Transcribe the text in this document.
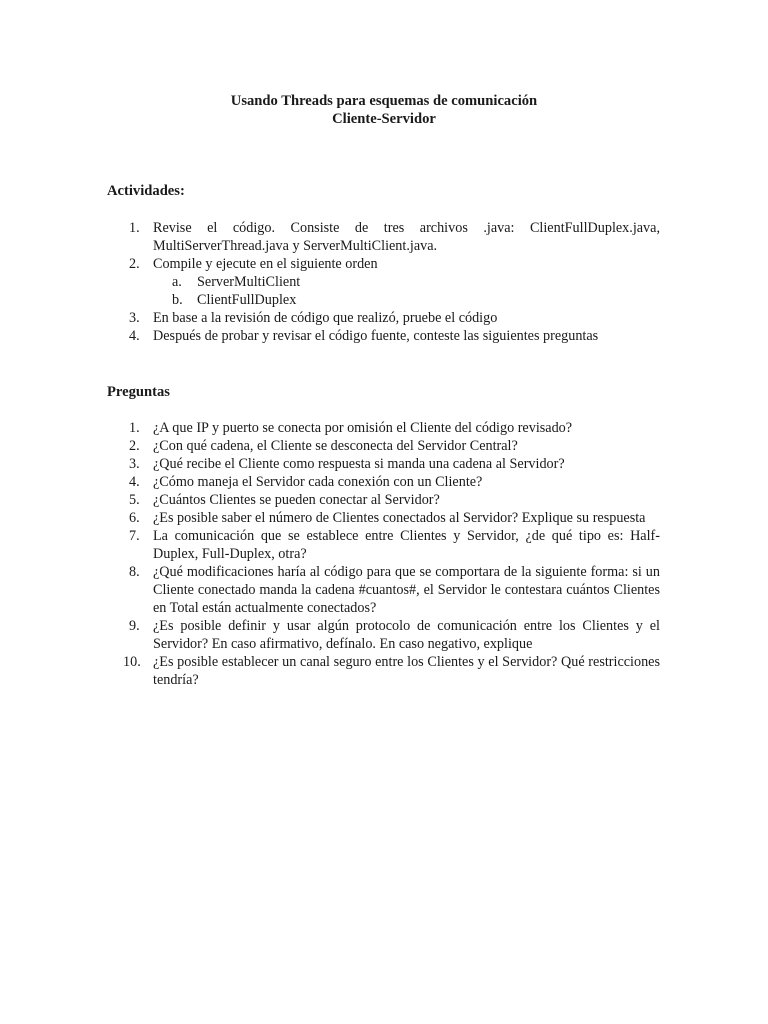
Usando Threads para esquemas de comunicación
Cliente-Servidor
Actividades:
1. Revise el código. Consiste de tres archivos .java: ClientFullDuplex.java, MultiServerThread.java y ServerMultiClient.java.
2. Compile y ejecute en el siguiente orden
a. ServerMultiClient
b. ClientFullDuplex
3. En base a la revisión de código que realizó, pruebe el código
4. Después de probar y revisar el código fuente, conteste las siguientes preguntas
Preguntas
1. ¿A que IP y puerto se conecta por omisión el Cliente del código revisado?
2. ¿Con qué cadena, el Cliente se desconecta del Servidor Central?
3. ¿Qué recibe el Cliente como respuesta si manda una cadena al Servidor?
4. ¿Cómo maneja el Servidor cada conexión con un Cliente?
5. ¿Cuántos Clientes se pueden conectar al Servidor?
6. ¿Es posible saber el número de Clientes conectados al Servidor? Explique su respuesta
7. La comunicación que se establece entre Clientes y Servidor, ¿de qué tipo es: Half-Duplex, Full-Duplex, otra?
8. ¿Qué modificaciones haría al código para que se comportara de la siguiente forma: si un Cliente conectado manda la cadena #cuantos#, el Servidor le contestara cuántos Clientes en Total están actualmente conectados?
9. ¿Es posible definir y usar algún protocolo de comunicación entre los Clientes y el Servidor? En caso afirmativo, defínalo. En caso negativo, explique
10. ¿Es posible establecer un canal seguro entre los Clientes y el Servidor? Qué restricciones tendría?
